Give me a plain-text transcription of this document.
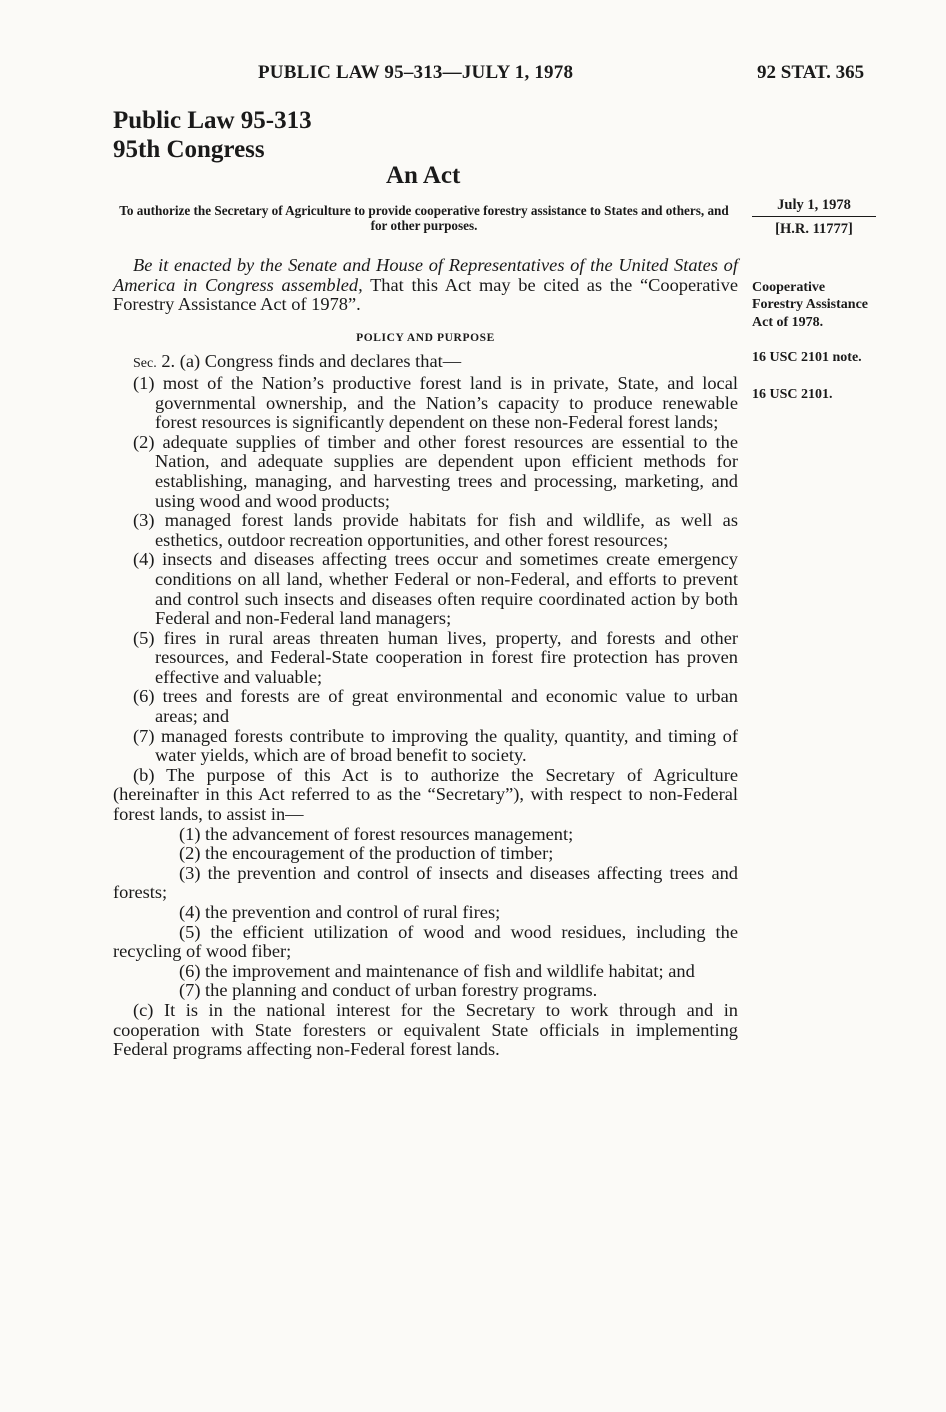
PUBLIC LAW 95–313—JULY 1, 1978	92 STAT. 365
Public Law 95-313
95th Congress
An Act
To authorize the Secretary of Agriculture to provide cooperative forestry assistance to States and others, and for other purposes.
July 1, 1978
[H.R. 11777]
Cooperative Forestry Assistance Act of 1978.
16 USC 2101 note.
16 USC 2101.

Be it enacted by the Senate and House of Representatives of the United States of America in Congress assembled, That this Act may be cited as the “Cooperative Forestry Assistance Act of 1978”.

POLICY AND PURPOSE

Sec. 2. (a) Congress finds and declares that—

(1) most of the Nation’s productive forest land is in private, State, and local governmental ownership, and the Nation’s capacity to produce renewable forest resources is significantly dependent on these non-Federal forest lands;

(2) adequate supplies of timber and other forest resources are essential to the Nation, and adequate supplies are dependent upon efficient methods for establishing, managing, and harvesting trees and processing, marketing, and using wood and wood products;

(3) managed forest lands provide habitats for fish and wildlife, as well as esthetics, outdoor recreation opportunities, and other forest resources;

(4) insects and diseases affecting trees occur and sometimes create emergency conditions on all land, whether Federal or non-Federal, and efforts to prevent and control such insects and diseases often require coordinated action by both Federal and non-Federal land managers;

(5) fires in rural areas threaten human lives, property, and forests and other resources, and Federal-State cooperation in forest fire protection has proven effective and valuable;

(6) trees and forests are of great environmental and economic value to urban areas; and

(7) managed forests contribute to improving the quality, quantity, and timing of water yields, which are of broad benefit to society.

(b) The purpose of this Act is to authorize the Secretary of Agriculture (hereinafter in this Act referred to as the “Secretary”), with respect to non-Federal forest lands, to assist in—

(1) the advancement of forest resources management;

(2) the encouragement of the production of timber;

(3) the prevention and control of insects and diseases affecting trees and forests;

(4) the prevention and control of rural fires;

(5) the efficient utilization of wood and wood residues, including the recycling of wood fiber;

(6) the improvement and maintenance of fish and wildlife habitat; and

(7) the planning and conduct of urban forestry programs.

(c) It is in the national interest for the Secretary to work through and in cooperation with State foresters or equivalent State officials in implementing Federal programs affecting non-Federal forest lands.
